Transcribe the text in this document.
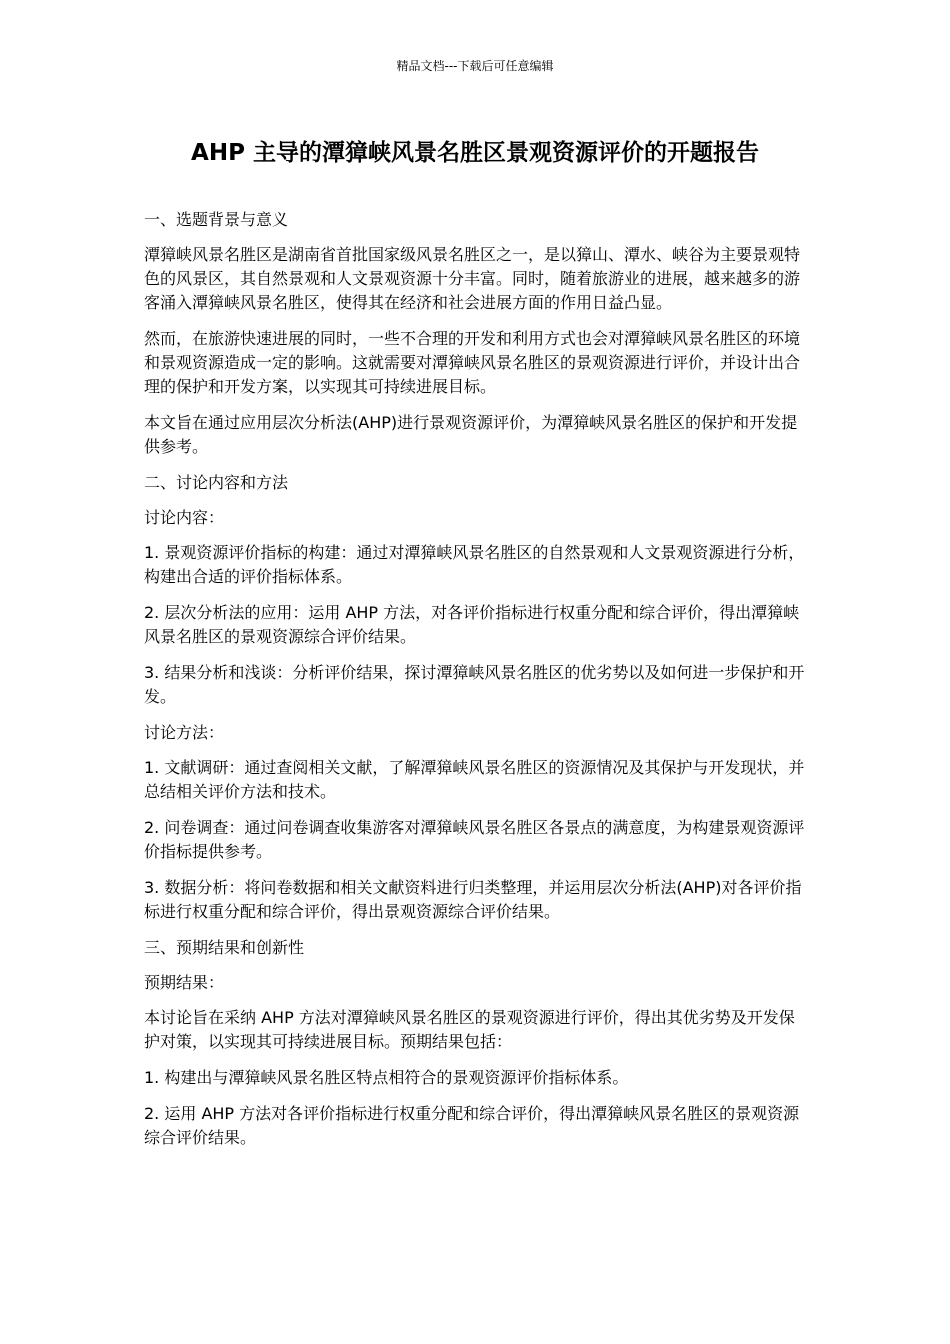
精品文档---下载后可任意编辑
AHP 主导的潭獐峡风景名胜区景观资源评价的开题报告

一、选题背景与意义

潭獐峡风景名胜区是湖南省首批国家级风景名胜区之一，是以獐山、潭水、峡谷为主要景观特色的风景区，其自然景观和人文景观资源十分丰富。同时，随着旅游业的进展，越来越多的游客涌入潭獐峡风景名胜区，使得其在经济和社会进展方面的作用日益凸显。

然而，在旅游快速进展的同时，一些不合理的开发和利用方式也会对潭獐峡风景名胜区的环境和景观资源造成一定的影响。这就需要对潭獐峡风景名胜区的景观资源进行评价，并设计出合理的保护和开发方案，以实现其可持续进展目标。

本文旨在通过应用层次分析法(AHP)进行景观资源评价，为潭獐峡风景名胜区的保护和开发提供参考。

二、讨论内容和方法

讨论内容：

1. 景观资源评价指标的构建：通过对潭獐峡风景名胜区的自然景观和人文景观资源进行分析，构建出合适的评价指标体系。

2. 层次分析法的应用：运用 AHP 方法，对各评价指标进行权重分配和综合评价，得出潭獐峡风景名胜区的景观资源综合评价结果。

3. 结果分析和浅谈：分析评价结果，探讨潭獐峡风景名胜区的优劣势以及如何进一步保护和开发。

讨论方法：

1. 文献调研：通过查阅相关文献，了解潭獐峡风景名胜区的资源情况及其保护与开发现状，并总结相关评价方法和技术。

2. 问卷调查：通过问卷调查收集游客对潭獐峡风景名胜区各景点的满意度，为构建景观资源评价指标提供参考。

3. 数据分析：将问卷数据和相关文献资料进行归类整理，并运用层次分析法(AHP)对各评价指标进行权重分配和综合评价，得出景观资源综合评价结果。

三、预期结果和创新性

预期结果：

本讨论旨在采纳 AHP 方法对潭獐峡风景名胜区的景观资源进行评价，得出其优劣势及开发保护对策，以实现其可持续进展目标。预期结果包括：

1. 构建出与潭獐峡风景名胜区特点相符合的景观资源评价指标体系。

2. 运用 AHP 方法对各评价指标进行权重分配和综合评价，得出潭獐峡风景名胜区的景观资源综合评价结果。
